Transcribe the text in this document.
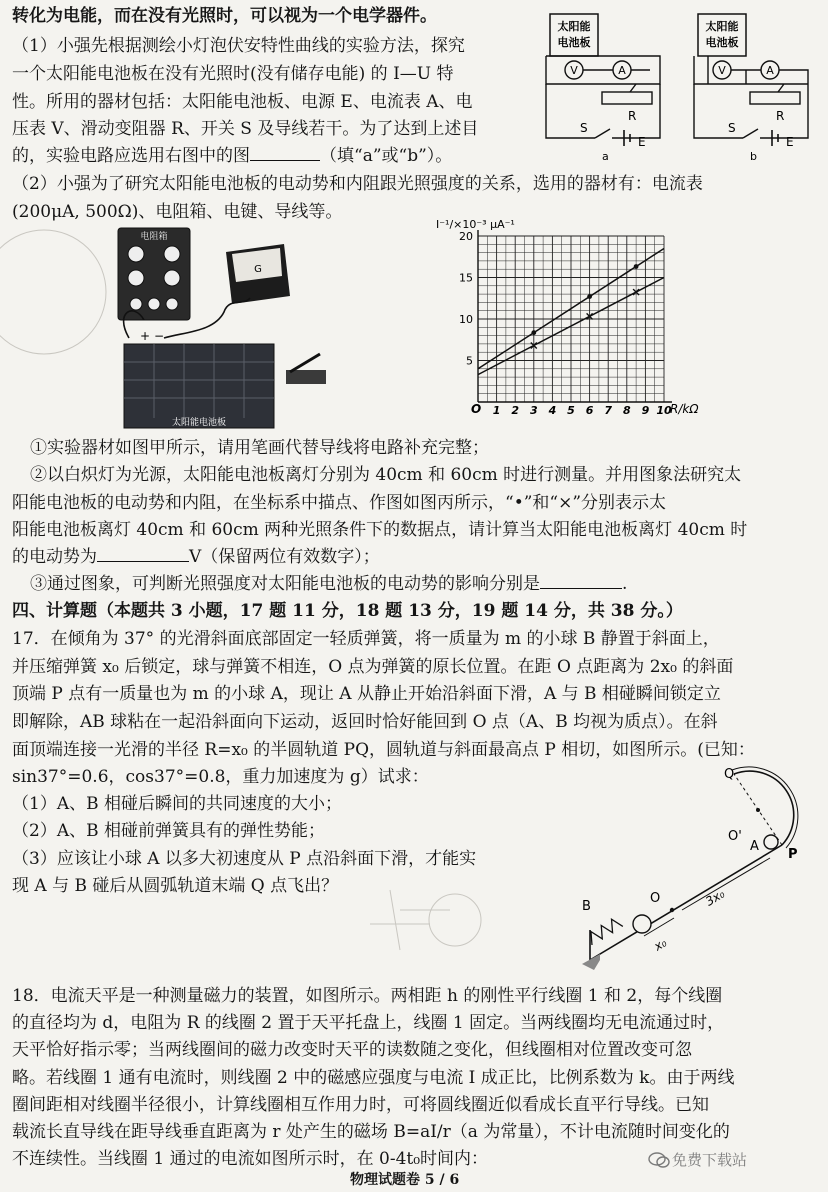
转化为电能，而在没有光照时，可以视为一个电学器件。
（1）小强先根据测绘小灯泡伏安特性曲线的实验方法，探究
一个太阳能电池板在没有光照时(没有储存电能) 的 I—U 特
性。所用的器材包括：太阳能电池板、电源 E、电流表 A、电
压表 V、滑动变阻器 R、开关 S 及导线若干。为了达到上述目
的，实验电路应选用右图中的图	（填“a”或“b”）。
（2）小强为了研究太阳能电池板的电动势和内阻跟光照强度的关系，选用的器材有：电流表
(200μA, 500Ω)、电阻箱、电键、导线等。
①实验器材如图甲所示，请用笔画代替导线将电路补充完整；
②以白炽灯为光源，太阳能电池板离灯分别为 40cm 和 60cm 时进行测量。并用图象法研究太
阳能电池板的电动势和内阻，在坐标系中描点、作图如图丙所示，“•”和“×”分别表示太
阳能电池板离灯 40cm 和 60cm 两种光照条件下的数据点，请计算当太阳能电池板离灯 40cm 时
的电动势为	V（保留两位有效数字）；
③通过图象，可判断光照强度对太阳能电池板的电动势的影响分别是	.
四、计算题（本题共 3 小题，17 题 11 分，18 题 13 分，19 题 14 分，共 38 分。）
17．在倾角为 37° 的光滑斜面底部固定一轻质弹簧，将一质量为 m 的小球 B 静置于斜面上，
并压缩弹簧 x₀ 后锁定，球与弹簧不相连，O 点为弹簧的原长位置。在距 O 点距离为 2x₀ 的斜面
顶端 P 点有一质量也为 m 的小球 A，现让 A 从静止开始沿斜面下滑，A 与 B 相碰瞬间锁定立
即解除，AB 球粘在一起沿斜面向下运动，返回时恰好能回到 O 点（A、B 均视为质点）。在斜
面顶端连接一光滑的半径 R=x₀ 的半圆轨道 PQ，圆轨道与斜面最高点 P 相切，如图所示。(已知：
sin37°=0.6，cos37°=0.8，重力加速度为 g）试求：
（1）A、B 相碰后瞬间的共同速度的大小；
（2）A、B 相碰前弹簧具有的弹性势能；
（3）应该让小球 A 以多大初速度从 P 点沿斜面下滑，才能实
现 A 与 B 碰后从圆弧轨道末端 Q 点飞出？
18．电流天平是一种测量磁力的装置，如图所示。两相距 h 的刚性平行线圈 1 和 2，每个线圈
的直径均为 d，电阻为 R 的线圈 2 置于天平托盘上，线圈 1 固定。当两线圈均无电流通过时，
天平恰好指示零；当两线圈间的磁力改变时天平的读数随之变化，但线圈相对位置改变可忽
略。若线圈 1 通有电流时，则线圈 2 中的磁感应强度与电流 I 成正比，比例系数为 k。由于两线
圈间距相对线圈半径很小，计算线圈相互作用力时，可将圆线圈近似看成长直平行导线。已知
载流长直导线在距导线垂直距离为 r 处产生的磁场 B=aI/r（a 为常量），不计电流随时间变化的
不连续性。当线圈 1 通过的电流如图所示时，在 0-4t₀时间内：
物理试题卷 5 / 6
免费下载站
太阳能
电池板
V	A
R
S
E
a
太阳能
电池板
V	A
R
S
E
b
电阻箱
G
太阳能电池板
+ −
1 2 3 4 5 6 7 8 9 10
5
10
15
20
I⁻¹/×10⁻³ μA⁻¹
R/kΩ
O
B
A
O'
Q
P
O	3x₀
x₀
